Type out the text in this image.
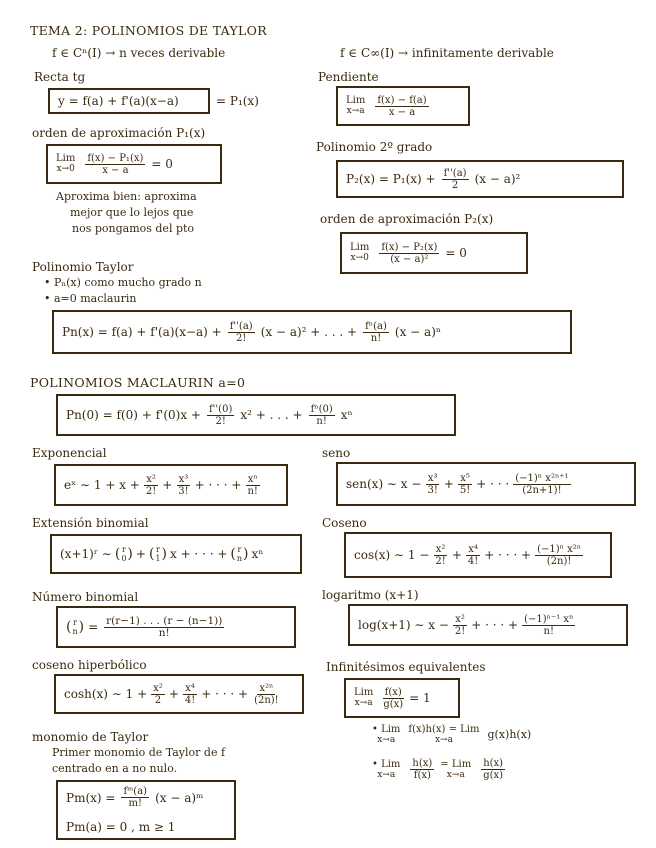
TEMA 2: POLINOMIOS DE TAYLOR
f ∈ Cⁿ(I) → n veces derivable	f ∈ C∞(I) → infinitamente derivable
Recta tg
y = f(a) + f'(a)(x−a)	= P₁(x)
Pendiente
Lim
x→a
f(x) − f(a)
x − a
orden de aproximación P₁(x)
Lim
$x\to 0 \frac{\text{f(x) − P₁(x)}}{x - a} = 0$
Aproxima bien: aproxima
mejor que lo lejos que
nos pongamos del pto
Polinomio 2º grado
$P_2(x) = P_1(x) + \frac{f''(a)}{2} (x - a)^2$
orden de aproximación P₂(x)
Lim
$x\to 0 \frac{\text{f(x) − P₂(x)}}{\text{(x − a)²}} = 0$
Polinomio Taylor
• Pₙ(x) como mucho grado n
• a=0 maclaurin
$Pn(x) = f(a) + f'(a)(x-a) + \frac{f''(a)}{2!} (x - a)^2$ + . . . + $\frac{\text{fⁿ(a)}}{n!} (x - a)^n$
POLINOMIOS MACLAURIN a=0
$Pn(0) = f(0) + f'(0)x + \frac{f''(0)}{2!} x^2$ + . . . + $\frac{\text{fⁿ(0)}}{n!}$ xⁿ
Exponencial
eˣ ∼ $1 + x + \frac{\text{x²}}{2!} + \frac{\text{x³}}{3!}$ + · · · + $\frac{\text{xⁿ}}{n!}$
seno
sen(x) ∼ $x - \frac{\text{x³}}{3!} + \frac{\text{x⁵}}{5!}$ + · · · (−1)ⁿ x²ⁿ⁺¹
(2n+1)!
Extensión binomial
(x+1)ʳ ∼ ( r
0 ) + ( r
1 ) x + · · · + ( r
n ) xⁿ
Coseno
cos(x) ∼ $1 - \frac{\text{x²}}{2!} + \frac{\text{x⁴}}{4!}$ + · · · + $\frac{\text{(−1)ⁿ x²ⁿ}}{(2n)!}$
Número binomial
( r
n ) = $\frac{r(r-1) . . . (r - (n-1))}{n!}$
logaritmo (x+1)
log(x+1) ∼ $x - \frac{\text{x²}}{2!}$ + · · · + $\frac{\text{(−1)ⁿ⁻¹ xⁿ}}{n!}$
coseno hiperbólico
cosh(x) ∼ $1 + \frac{\text{x²}}{2} + \frac{\text{x⁴}}{4!}$ + · · · + $\frac{\text{x²ⁿ}}{(2n)!}$
Infinitésimos equivalentes
Lim
$x\to a \frac{f(x)}{g(x)} = 1$
• Lim
x→a
f(x)h(x) = Lim
x→a	g(x)h(x)
• Lim
$x\to a \frac{h(x)}{f(x)}$ = Lim
x→a
h(x)
g(x)
monomio de Taylor
Primer monomio de Taylor de f
centrado en a no nulo.
$Pm(x) = \frac{\text{fᵐ(a)}}{m!} (x$ − a)ᵐ
Pm(a) = 0 , m ≥ 1
